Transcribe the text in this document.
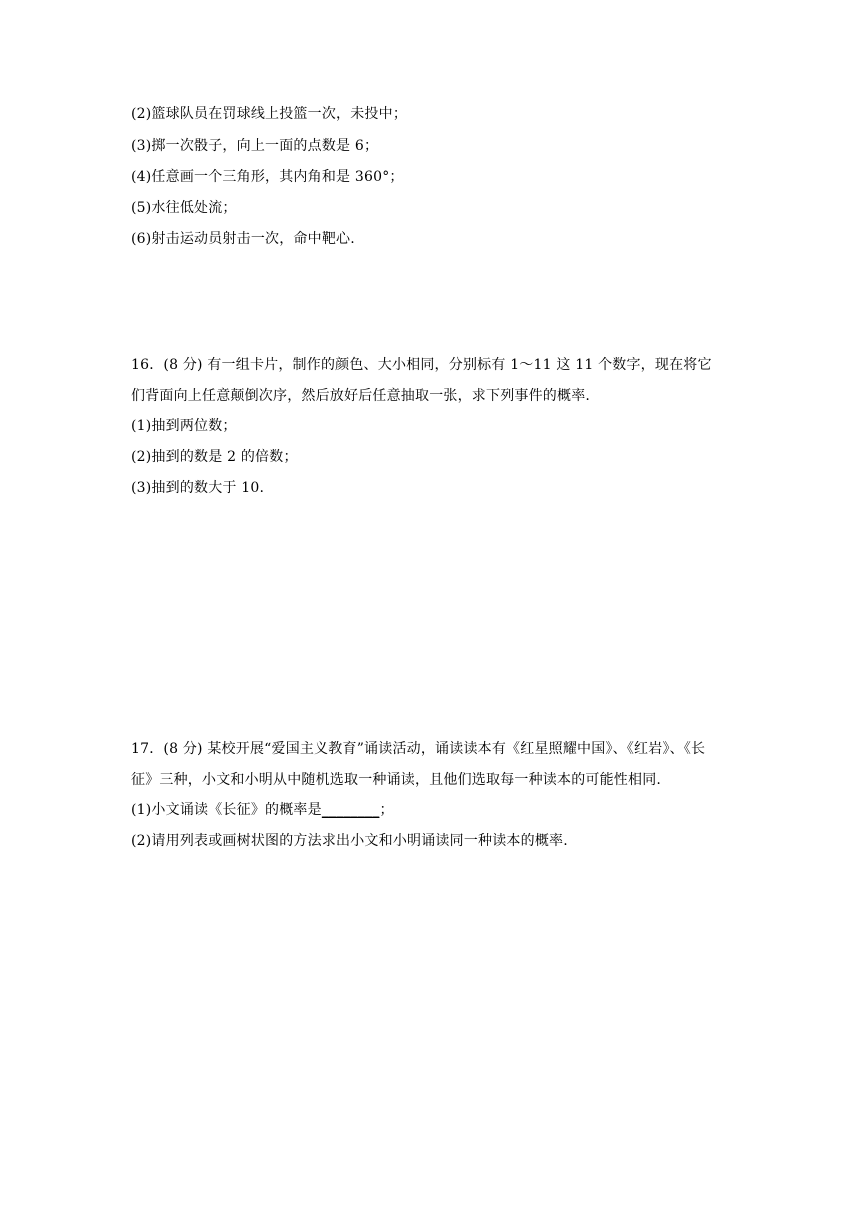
(2)篮球队员在罚球线上投篮一次，未投中；
(3)掷一次骰子，向上一面的点数是 6；
(4)任意画一个三角形，其内角和是 360°；
(5)水往低处流；
(6)射击运动员射击一次，命中靶心.
16．(8 分) 有一组卡片，制作的颜色、大小相同，分别标有 1～11 这 11 个数字，现在将它
们背面向上任意颠倒次序，然后放好后任意抽取一张，求下列事件的概率.
(1)抽到两位数；
(2)抽到的数是 2 的倍数；
(3)抽到的数大于 10.
17．(8 分) 某校开展“爱国主义教育”诵读活动，诵读读本有《红星照耀中国》、《红岩》、《长
征》三种，小文和小明从中随机选取一种诵读，且他们选取每一种读本的可能性相同.
(1)小文诵读《长征》的概率是________；
(2)请用列表或画树状图的方法求出小文和小明诵读同一种读本的概率.
